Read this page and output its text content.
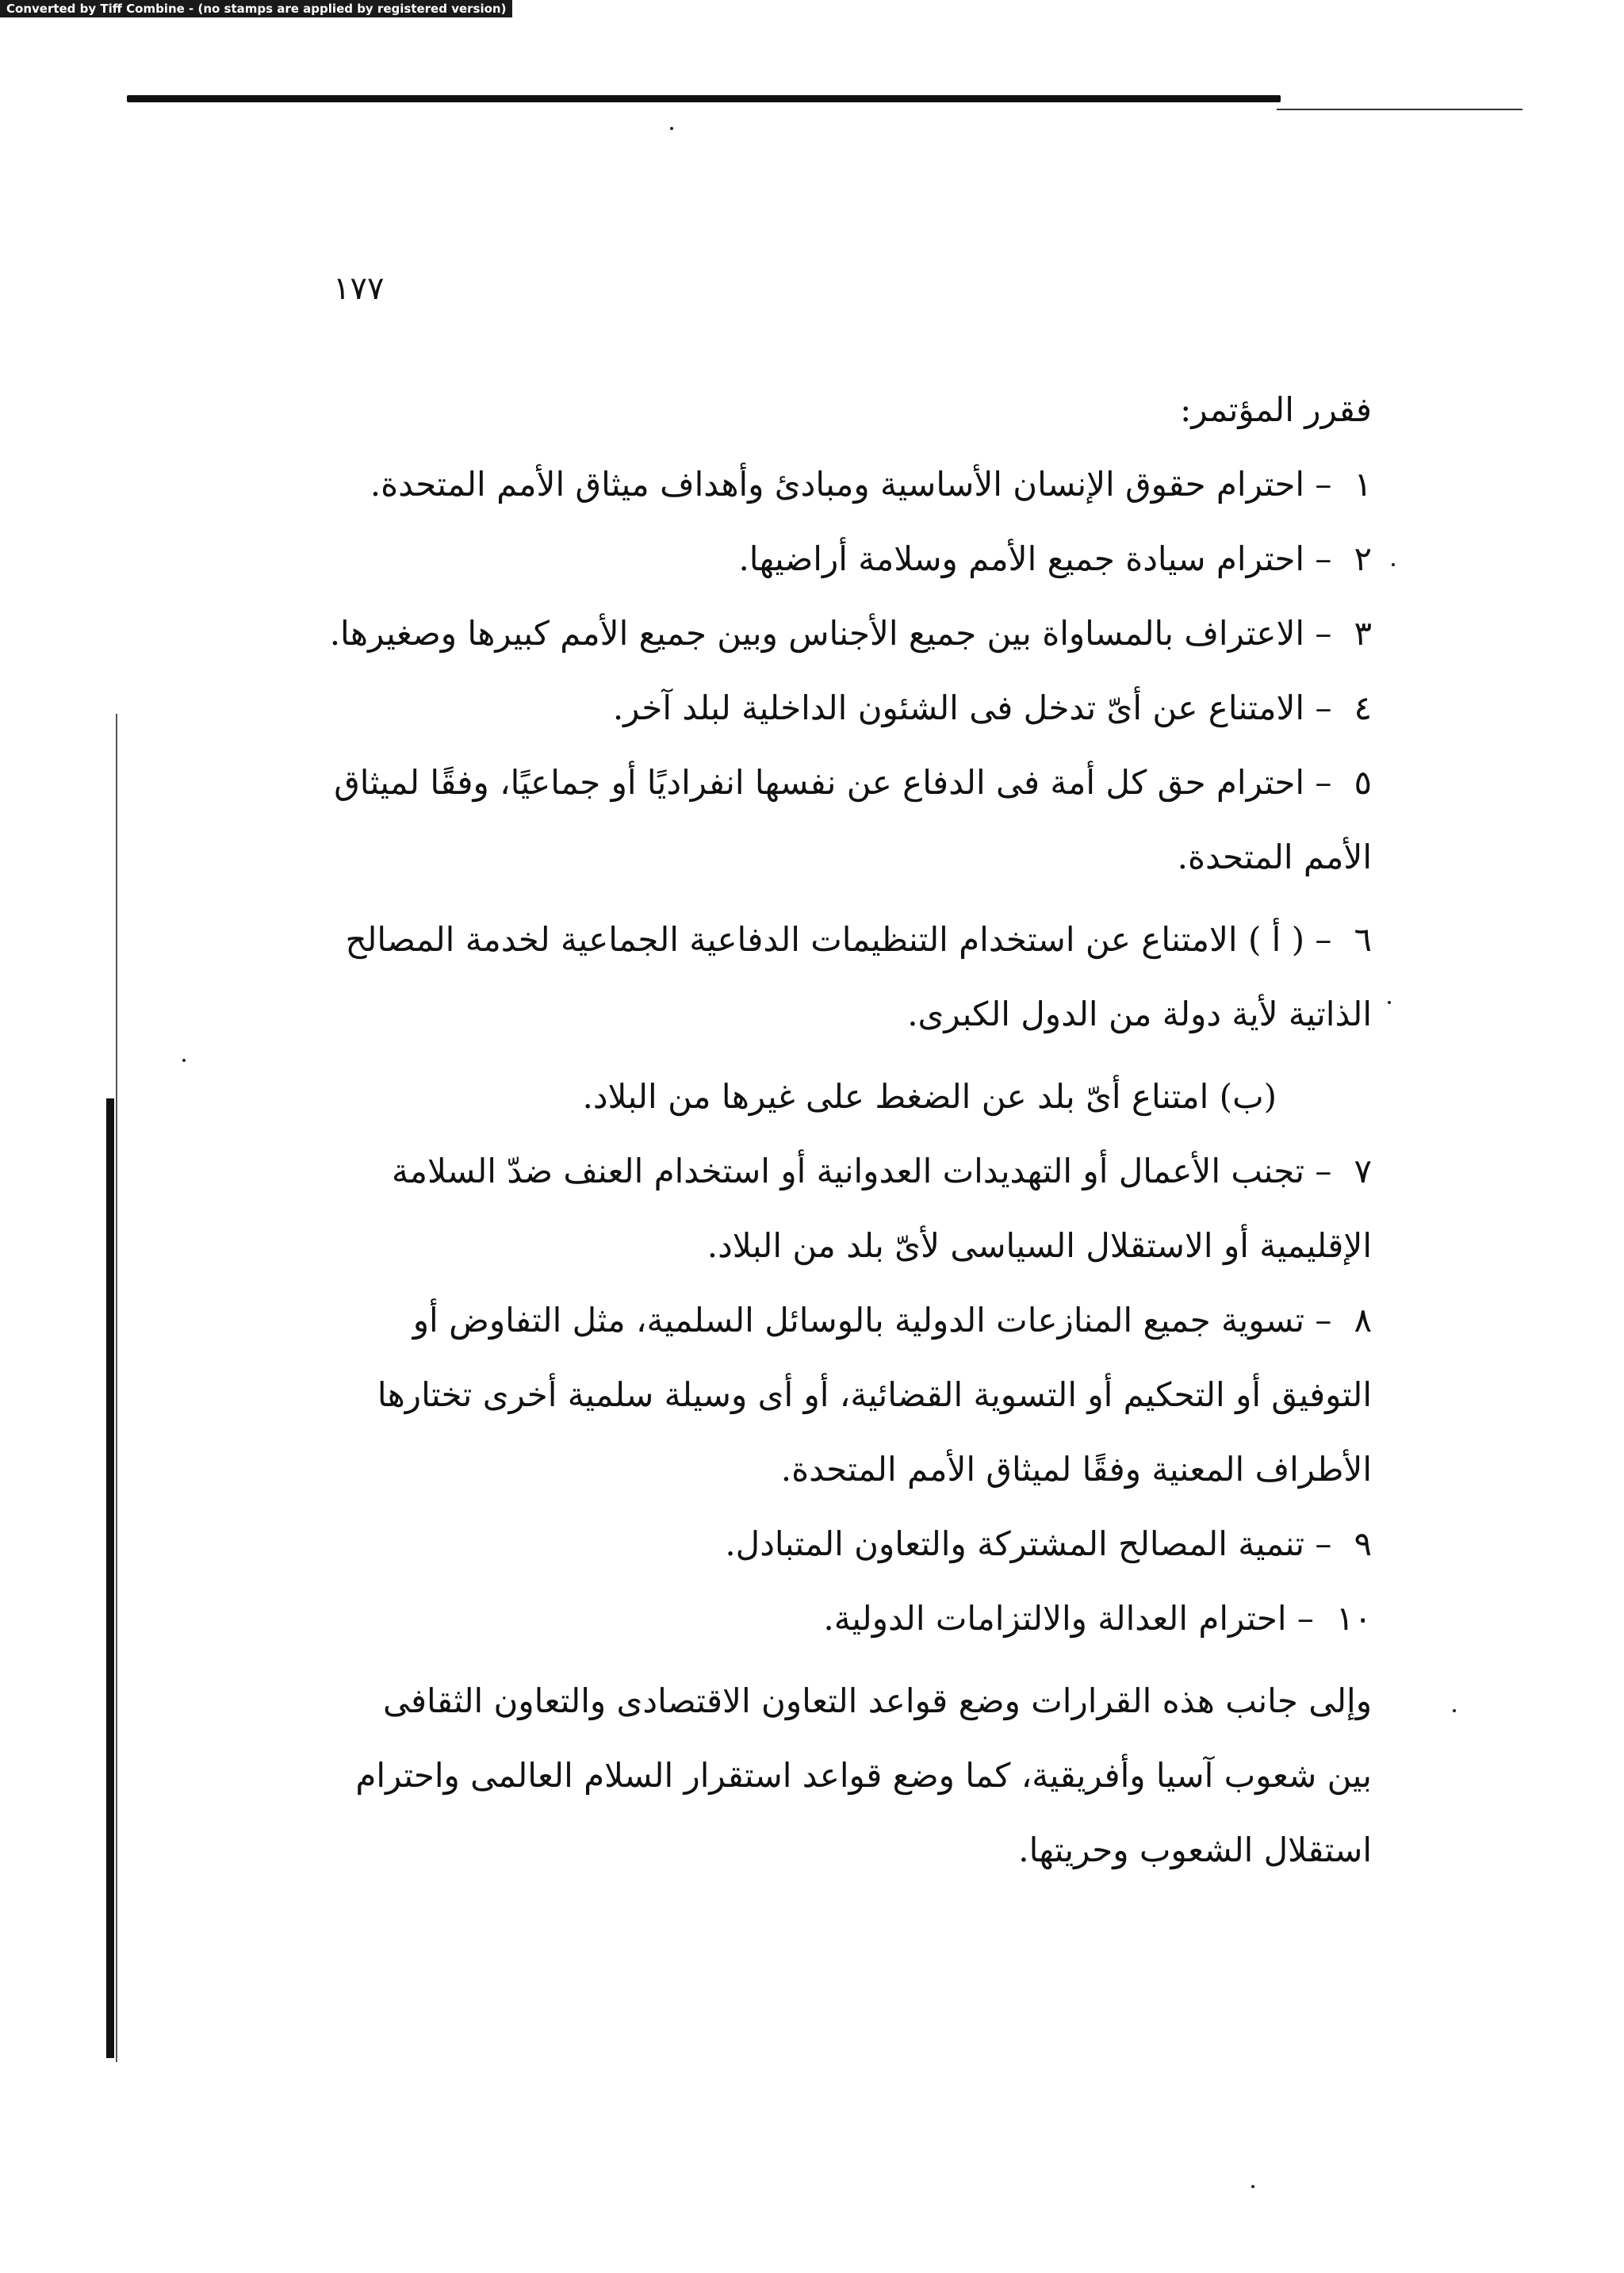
Converted by Tiff Combine - (no stamps are applied by registered version)
١٧٧

فقرر المؤتمر:

١– احترام حقوق الإنسان الأساسية ومبادئ وأهداف ميثاق الأمم المتحدة.

٢– احترام سيادة جميع الأمم وسلامة أراضيها.

٣– الاعتراف بالمساواة بين جميع الأجناس وبين جميع الأمم كبيرها وصغيرها.

٤– الامتناع عن أىّ تدخل فى الشئون الداخلية لبلد آخر.

٥– احترام حق كل أمة فى الدفاع عن نفسها انفراديًا أو جماعيًا، وفقًا لميثاق الأمم المتحدة.

٦– ( أ ) الامتناع عن استخدام التنظيمات الدفاعية الجماعية لخدمة المصالح الذاتية لأية دولة من الدول الكبرى.

(ب) امتناع أىّ بلد عن الضغط على غيرها من البلاد.

٧– تجنب الأعمال أو التهديدات العدوانية أو استخدام العنف ضدّ السلامة الإقليمية أو الاستقلال السياسى لأىّ بلد من البلاد.

٨– تسوية جميع المنازعات الدولية بالوسائل السلمية، مثل التفاوض أو التوفيق أو التحكيم أو التسوية القضائية، أو أى وسيلة سلمية أخرى تختارها الأطراف المعنية وفقًا لميثاق الأمم المتحدة.

٩– تنمية المصالح المشتركة والتعاون المتبادل.

١٠– احترام العدالة والالتزامات الدولية.

وإلى جانب هذه القرارات وضع قواعد التعاون الاقتصادى والتعاون الثقافى بين شعوب آسيا وأفريقية، كما وضع قواعد استقرار السلام العالمى واحترام استقلال الشعوب وحريتها.
